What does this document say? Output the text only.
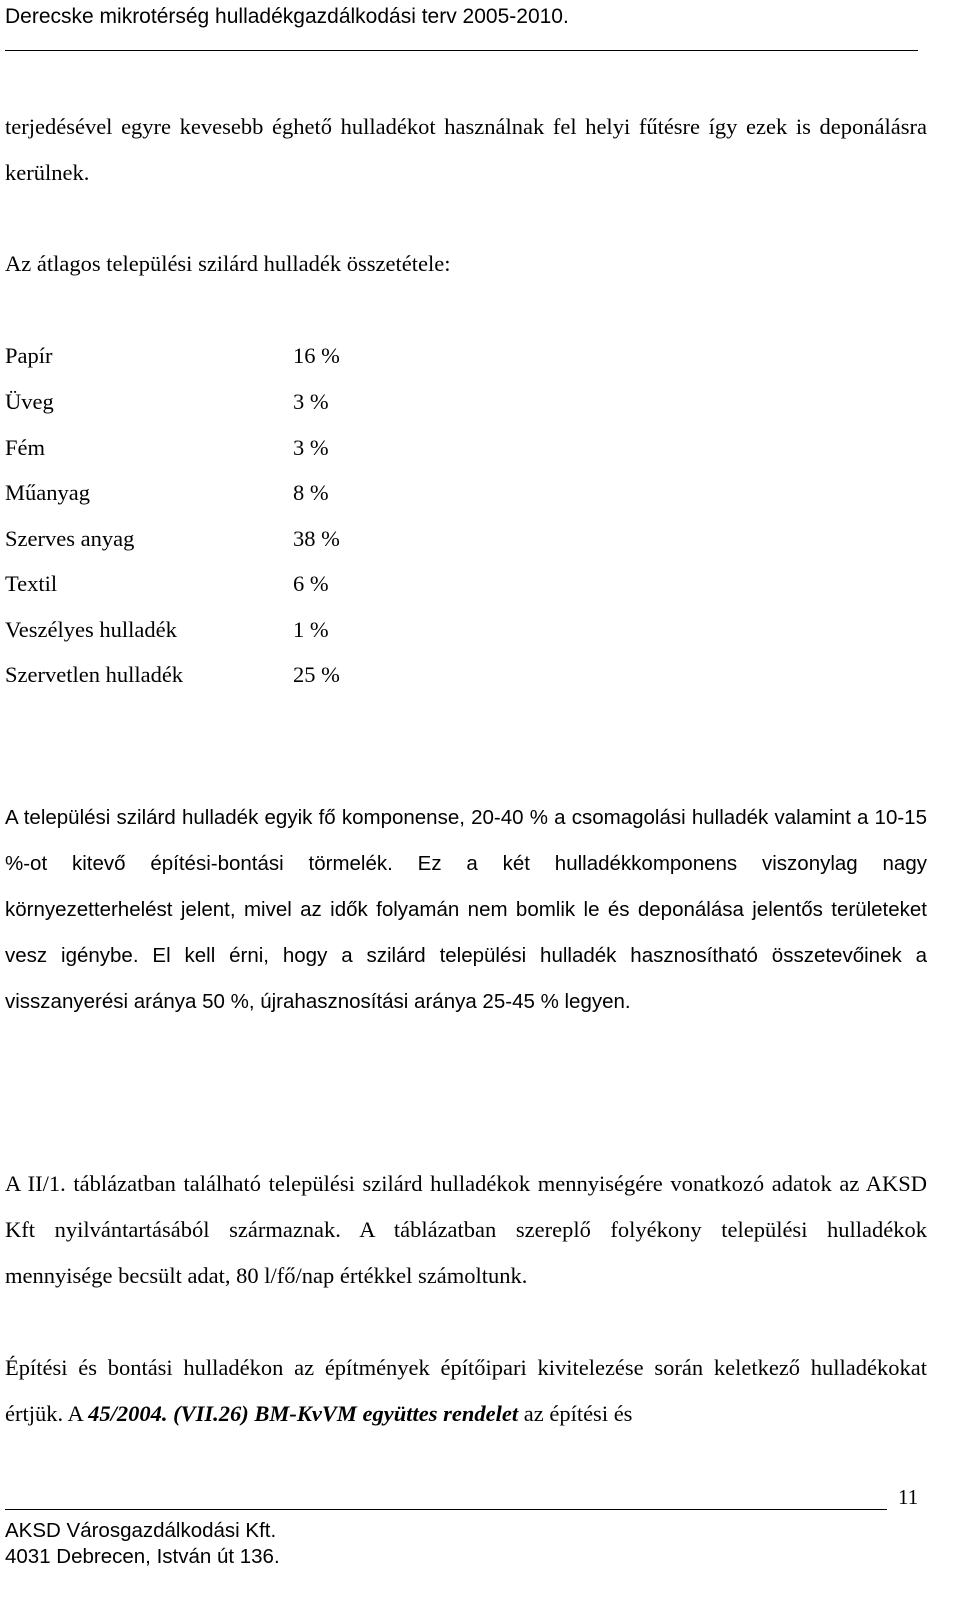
Derecske mikrotérség hulladékgazdálkodási terv 2005-2010.

terjedésével egyre kevesebb éghető hulladékot használnak fel helyi fűtésre így ezek is deponálásra kerülnek.

Az átlagos települési szilárd hulladék összetétele:

Papír	16 %
Üveg	3 %
Fém	3 %
Műanyag	8 %
Szerves anyag	38 %
Textil	6 %
Veszélyes hulladék	1 %
Szervetlen hulladék	25 %

A települési szilárd hulladék egyik fő komponense, 20-40 % a csomagolási hulladék valamint a 10-15 %-ot kitevő építési-bontási törmelék. Ez a két hulladékkomponens viszonylag nagy környezetterhelést jelent, mivel az idők folyamán nem bomlik le és deponálása jelentős területeket vesz igénybe. El kell érni, hogy a szilárd települési hulladék hasznosítható összetevőinek a visszanyerési aránya 50 %, újrahasznosítási aránya 25-45 % legyen.

A II/1. táblázatban található települési szilárd hulladékok mennyiségére vonatkozó adatok az AKSD Kft nyilvántartásából származnak. A táblázatban szereplő folyékony települési hulladékok mennyisége becsült adat, 80 l/fő/nap értékkel számoltunk.

Építési és bontási hulladékon az építmények építőipari kivitelezése során keletkező hulladékokat értjük. A 45/2004. (VII.26) BM-KvVM együttes rendelet az építési és

11
AKSD Városgazdálkodási Kft.
4031 Debrecen, István út 136.
